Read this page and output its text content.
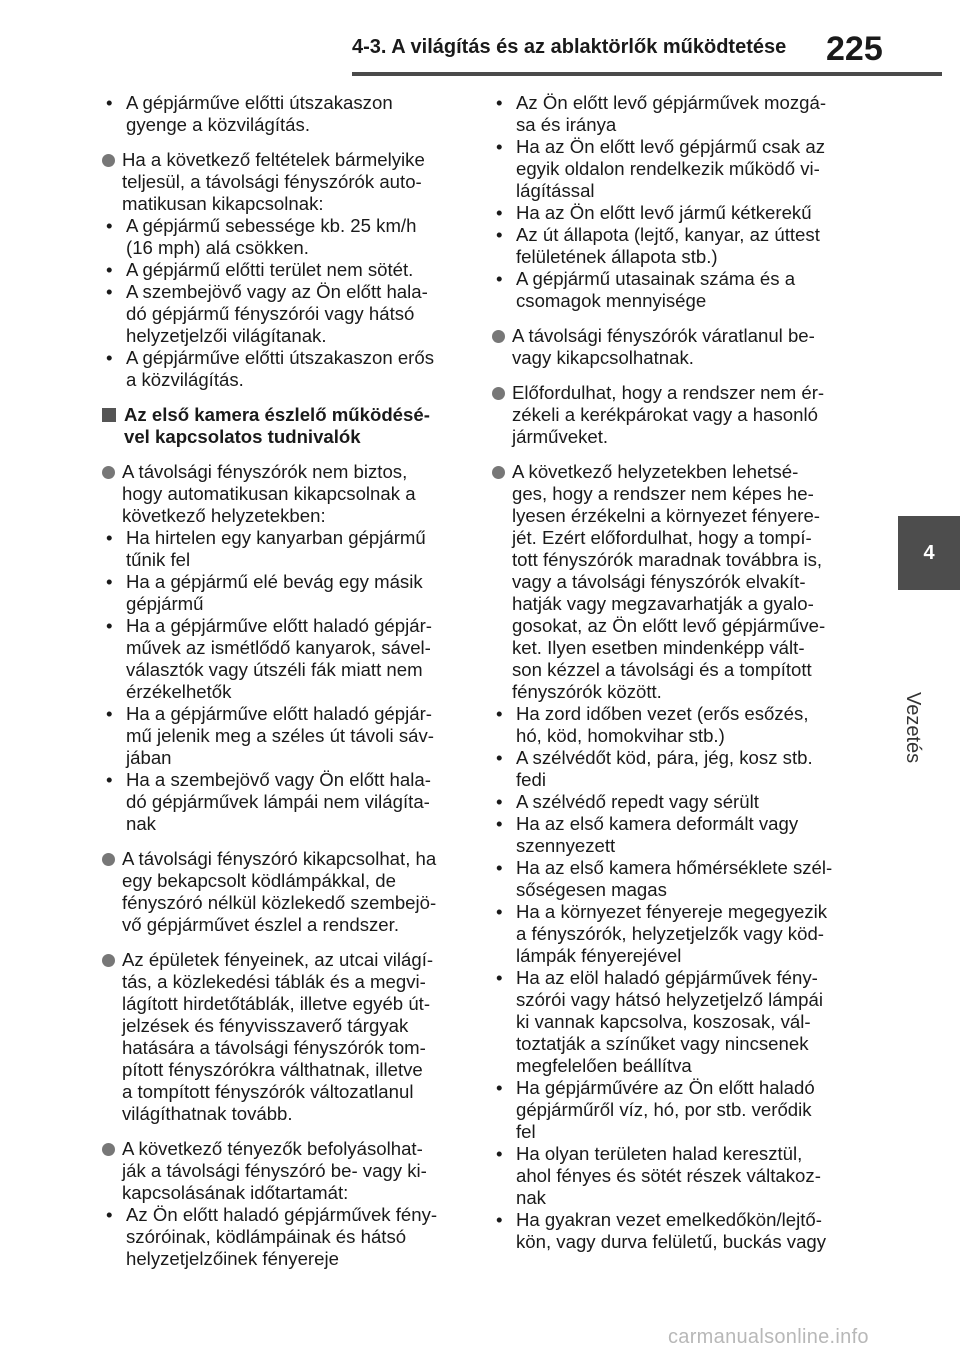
4-3. A világítás és az ablaktörlők működtetése 225
4
Vezetés
• A gépjárműve előtti útszakaszon
gyenge a közvilágítás.
Ha a következő feltételek bármelyike
teljesül, a távolsági fényszórók auto-
matikusan kikapcsolnak:
• A gépjármű sebessége kb. 25 km/h
(16 mph) alá csökken.
• A gépjármű előtti terület nem sötét.
• A szembejövő vagy az Ön előtt hala-
dó gépjármű fényszórói vagy hátsó
helyzetjelzői világítanak.
• A gépjárműve előtti útszakaszon erős
a közvilágítás.
Az első kamera észlelő működésé-
vel kapcsolatos tudnivalók
A távolsági fényszórók nem biztos,
hogy automatikusan kikapcsolnak a
következő helyzetekben:
• Ha hirtelen egy kanyarban gépjármű
tűnik fel
• Ha a gépjármű elé bevág egy másik
gépjármű
• Ha a gépjárműve előtt haladó gépjár-
művek az ismétlődő kanyarok, sável-
választók vagy útszéli fák miatt nem
érzékelhetők
• Ha a gépjárműve előtt haladó gépjár-
mű jelenik meg a széles út távoli sáv-
jában
• Ha a szembejövő vagy Ön előtt hala-
dó gépjárművek lámpái nem világíta-
nak
A távolsági fényszóró kikapcsolhat, ha
egy bekapcsolt ködlámpákkal, de
fényszóró nélkül közlekedő szembejö-
vő gépjárművet észlel a rendszer.
Az épületek fényeinek, az utcai világí-
tás, a közlekedési táblák és a megvi-
lágított hirdetőtáblák, illetve egyéb út-
jelzések és fényvisszaverő tárgyak
hatására a távolsági fényszórók tom-
pított fényszórókra válthatnak, illetve
a tompított fényszórók változatlanul
világíthatnak tovább.
A következő tényezők befolyásolhat-
ják a távolsági fényszóró be- vagy ki-
kapcsolásának időtartamát:
• Az Ön előtt haladó gépjárművek fény-
szóróinak, ködlámpáinak és hátsó
helyzetjelzőinek fényereje
• Az Ön előtt levő gépjárművek mozgá-
sa és iránya
• Ha az Ön előtt levő gépjármű csak az
egyik oldalon rendelkezik működő vi-
lágítással
• Ha az Ön előtt levő jármű kétkerekű
• Az út állapota (lejtő, kanyar, az úttest
felületének állapota stb.)
• A gépjármű utasainak száma és a
csomagok mennyisége
A távolsági fényszórók váratlanul be-
vagy kikapcsolhatnak.
Előfordulhat, hogy a rendszer nem ér-
zékeli a kerékpárokat vagy a hasonló
járműveket.
A következő helyzetekben lehetsé-
ges, hogy a rendszer nem képes he-
lyesen érzékelni a környezet fényere-
jét. Ezért előfordulhat, hogy a tompí-
tott fényszórók maradnak továbbra is,
vagy a távolsági fényszórók elvakít-
hatják vagy megzavarhatják a gyalo-
gosokat, az Ön előtt levő gépjárműve-
ket. Ilyen esetben mindenképp vált-
son kézzel a távolsági és a tompított
fényszórók között.
• Ha zord időben vezet (erős esőzés,
hó, köd, homokvihar stb.)
• A szélvédőt köd, pára, jég, kosz stb.
fedi
• A szélvédő repedt vagy sérült
• Ha az első kamera deformált vagy
szennyezett
• Ha az első kamera hőmérséklete szél-
sőségesen magas
• Ha a környezet fényereje megegyezik
a fényszórók, helyzetjelzők vagy köd-
lámpák fényerejével
• Ha az elöl haladó gépjárművek fény-
szórói vagy hátsó helyzetjelző lámpái
ki vannak kapcsolva, koszosak, vál-
toztatják a színűket vagy nincsenek
megfelelően beállítva
• Ha gépjárművére az Ön előtt haladó
gépjárműről víz, hó, por stb. verődik
fel
• Ha olyan területen halad keresztül,
ahol fényes és sötét részek váltakoz-
nak
• Ha gyakran vezet emelkedőkön/lejtő-
kön, vagy durva felületű, buckás vagy
carmanualsonline.info
